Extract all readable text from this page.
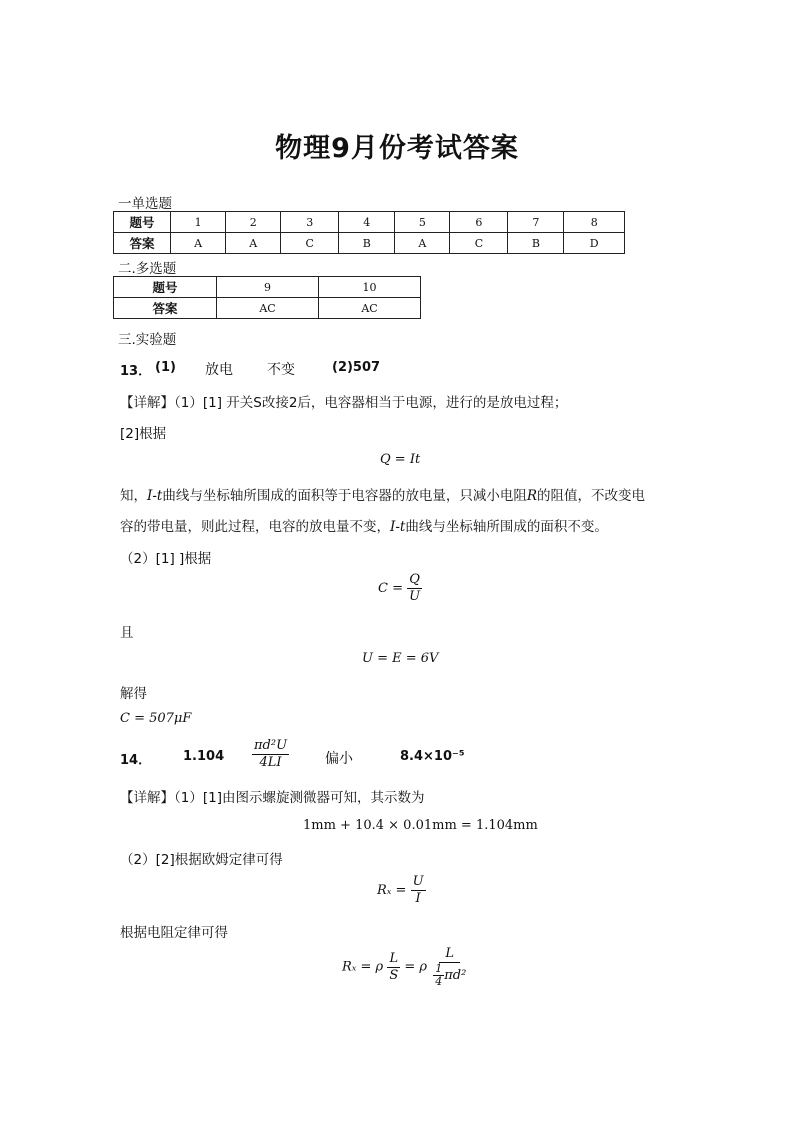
物理9月份考试答案
一单选题
题号	1	2	3	4	5	6	7	8
答案	A	A	C	B	A	C	B	D
二.多选题
题号	9	10
答案	AC	AC
三.实验题
13． (1) 放电 不变	(2)507
【详解】（1）[1] 开关S改接2后，电容器相当于电源，进行的是放电过程；
[2]根据
Q = It
知，I-t曲线与坐标轴所围成的面积等于电容器的放电量，只减小电阻R的阻值，不改变电
容的带电量，则此过程，电容的放电量不变，I-t曲线与坐标轴所围成的面积不变。
（2）[1] ]根据
$C = \frac{Q}{U}$
且
U = E = 6V
解得
C = 507μF
14． $1.104 \frac{\text{πd²U}}{4LI}$	偏小	8.4×10⁻⁵
【详解】（1）[1]由图示螺旋测微器可知，其示数为
1mm + 10.4 × 0.01mm = 1.104mm
（2）[2]根据欧姆定律可得
$R_x = \frac{U}{I}$
根据电阻定律可得
Rₓ = ρ $\frac{L}{S} = \rho \frac{L}{\frac{1}{4} \pi d^2}$
